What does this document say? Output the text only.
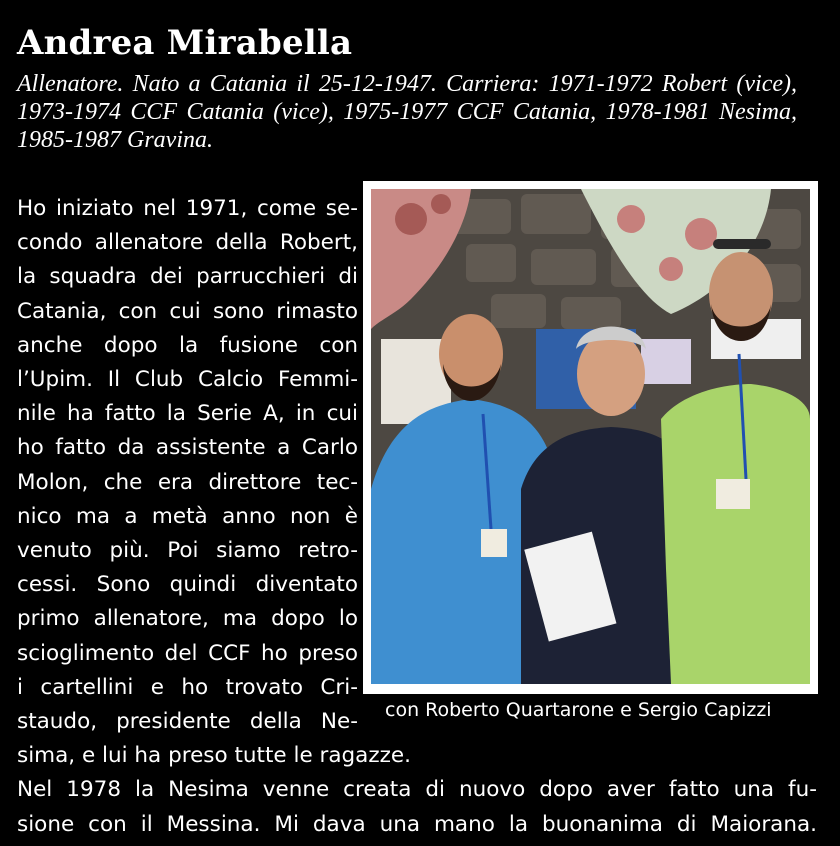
Andrea Mirabella
Allenatore. Nato a Catania il 25-12-1947. Carriera: 1971-1972 Robert (vice), 1973-1974 CCF Catania (vice), 1975-1977 CCF Catania, 1978-1981 Nesima, 1985-1987 Gravina.
Ho iniziato nel 1971, come se-
condo allenatore della Robert,
la squadra dei parrucchieri di
Catania, con cui sono rimasto
anche dopo la fusione con
l’Upim. Il Club Calcio Femmi-
nile ha fatto la Serie A, in cui
ho fatto da assistente a Carlo
Molon, che era direttore tec-
nico ma a metà anno non è
venuto più. Poi siamo retro-
cessi. Sono quindi diventato
primo allenatore, ma dopo lo
scioglimento del CCF ho preso
i cartellini e ho trovato Cri-
staudo, presidente della Ne-
sima, e lui ha preso tutte le ragazze.
Nel 1978 la Nesima venne creata di nuovo dopo aver fatto una fu-
sione con il Messina. Mi dava una mano la buonanima di Maiorana.
con Roberto Quartarone e Sergio Capizzi
